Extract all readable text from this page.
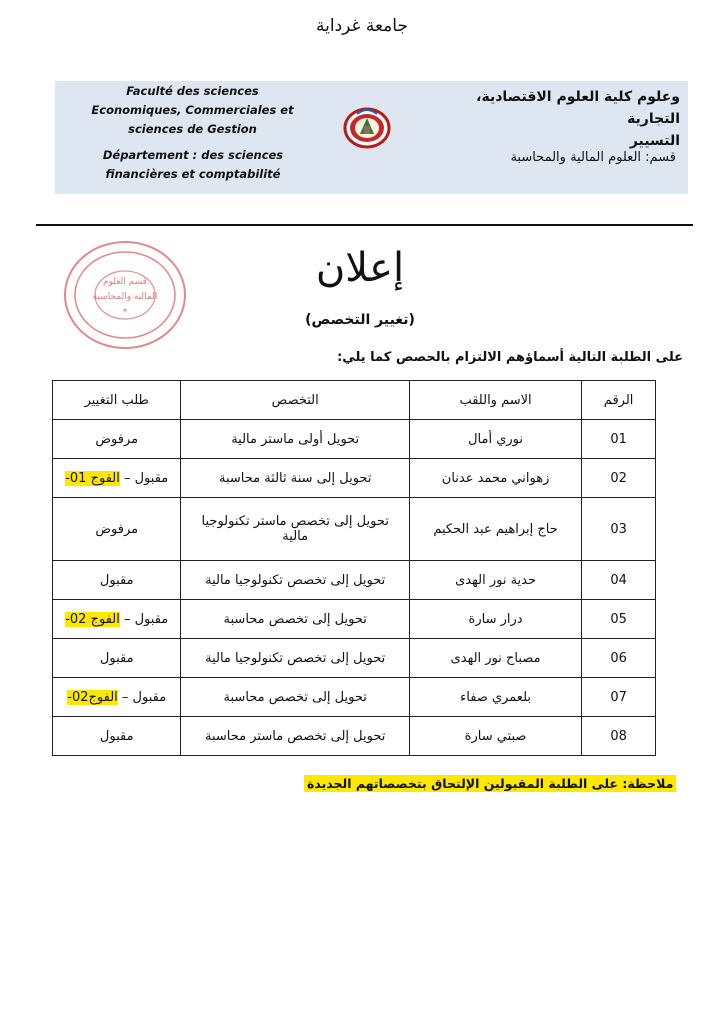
جامعة غرداية
Faculté des sciences
Economiques, Commerciales et
sciences de Gestion
Département : des sciences
financières et comptabilité
وعلوم كلية العلوم الاقتصادية، التجارية
التسيير
قسم: العلوم المالية والمحاسبة
قسم العلوم
المالية والمحاسبة
*
إعلان
(تغيير التخصص)
على الطلبة التالية أسماؤهم الالتزام بالحصص كما يلي:
الرقم	الاسم واللقب	التخصص	طلب التغيير
01	نوري أمال	تحويل أولى ماستر مالية	مرفوض
02	زهواني محمد عدنان	تحويل إلى سنة ثالثة محاسبة	مقبول – الفوج 01-
03	حاج إبراهيم عبد الحكيم	تحويل إلى تخصص ماستر تكنولوجيا مالية	مرفوض
04	حدية نور الهدى	تحويل إلى تخصص تكنولوجيا مالية	مقبول
05	درار سارة	تحويل إلى تخصص محاسبة	مقبول – الفوج 02-
06	مصباح نور الهدى	تحويل إلى تخصص تكنولوجيا مالية	مقبول
07	بلعمري صفاء	تحويل إلى تخصص محاسبة	مقبول – الفوج02-
08	صبتي سارة	تحويل إلى تخصص ماستر محاسبة	مقبول
ملاحظة: على الطلبة المقبولين الإلتحاق بتخصصاتهم الجديدة
